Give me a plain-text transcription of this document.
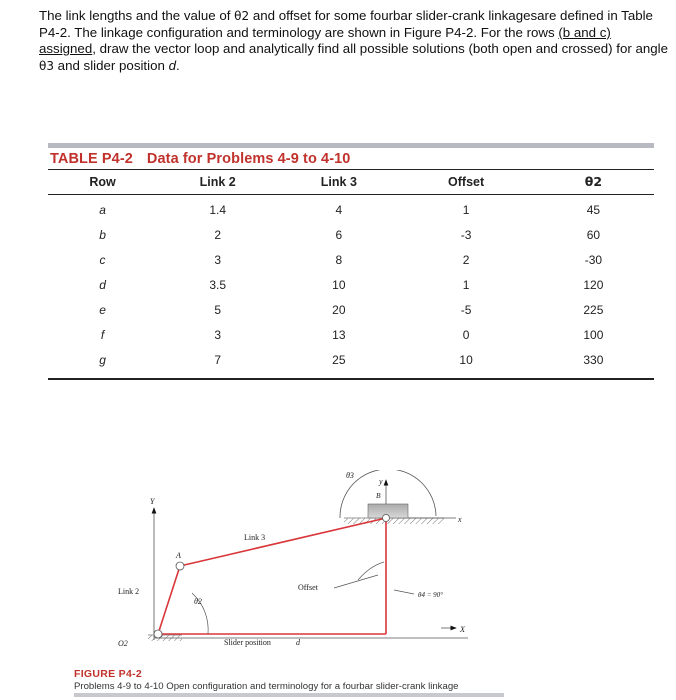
The link lengths and the value of θ2 and offset for some fourbar slider-crank linkagesare defined in Table P4-2. The linkage configuration and terminology are shown in Figure P4-2. For the rows (b and c) assigned, draw the vector loop and analytically find all possible solutions (both open and crossed) for angle θ3 and slider position d.
TABLE P4-2 Data for Problems 4-9 to 4-10
Row	Link 2	Link 3	Offset	θ2
a	1.4	4	1	45
b	2	6	-3	60
c	3	8	2	-30
d	3.5	10	1	120
e	5	20	-5	225
f	3	13	0	100
g	7	25	10	330
θ3
y
B
x
Y
Link 3
A
Link 2
θ2
Offset
θ4 = 90°
X
O2	Slider position	d
FIGURE P4-2
Problems 4-9 to 4-10 Open configuration and terminology for a fourbar slider-crank linkage
